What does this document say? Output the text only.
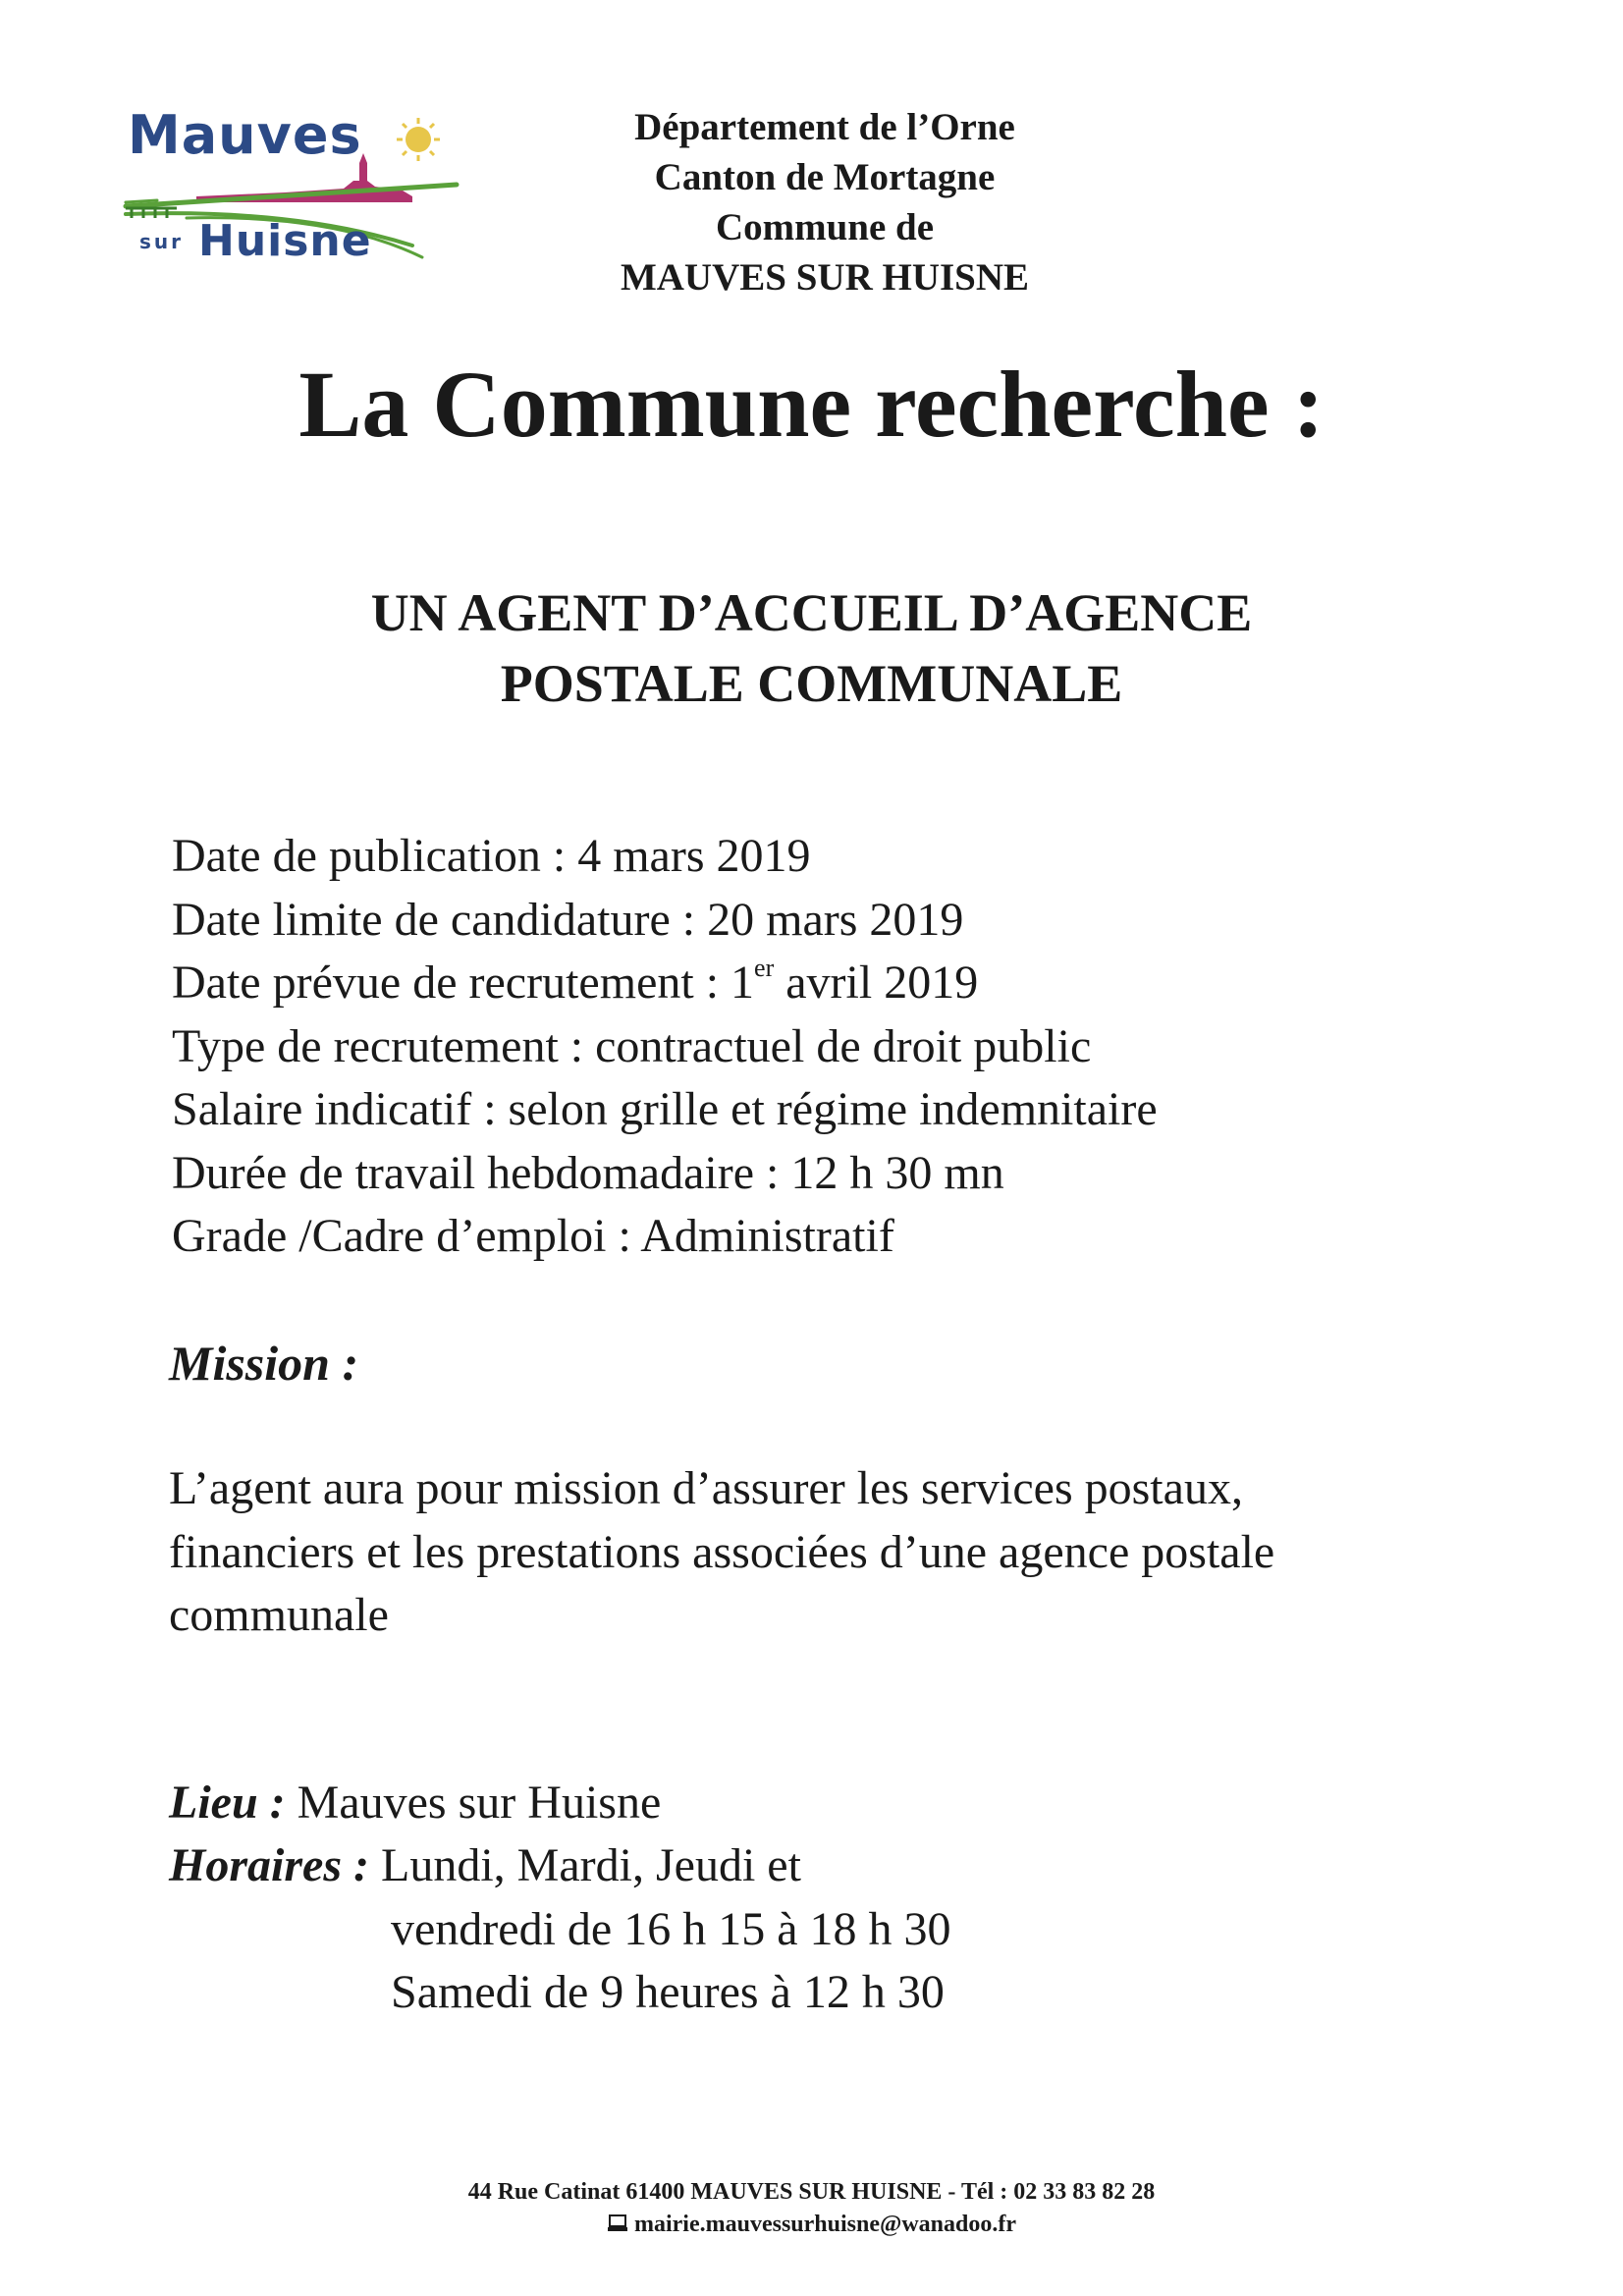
Mauves
sur Huisne
Département de l’Orne
Canton de Mortagne
Commune de
MAUVES SUR HUISNE
La Commune recherche :
UN AGENT D’ACCUEIL D’AGENCE
POSTALE COMMUNALE
Date de publication : 4 mars 2019
Date limite de candidature : 20 mars 2019
Date prévue de recrutement : 1er avril 2019
Type de recrutement : contractuel de droit public
Salaire indicatif : selon grille et régime indemnitaire
Durée de travail hebdomadaire : 12 h 30 mn
Grade /Cadre d’emploi : Administratif
Mission :
L’agent aura pour mission d’assurer les services postaux,
financiers et les prestations associées d’une agence postale
communale
Lieu : Mauves sur Huisne
Horaires : Lundi, Mardi, Jeudi et
vendredi de 16 h 15 à 18 h 30
Samedi de 9 heures à 12 h 30
44 Rue Catinat 61400 MAUVES SUR HUISNE - Tél : 02 33 83 82 28
mairie.mauvessurhuisne@wanadoo.fr
